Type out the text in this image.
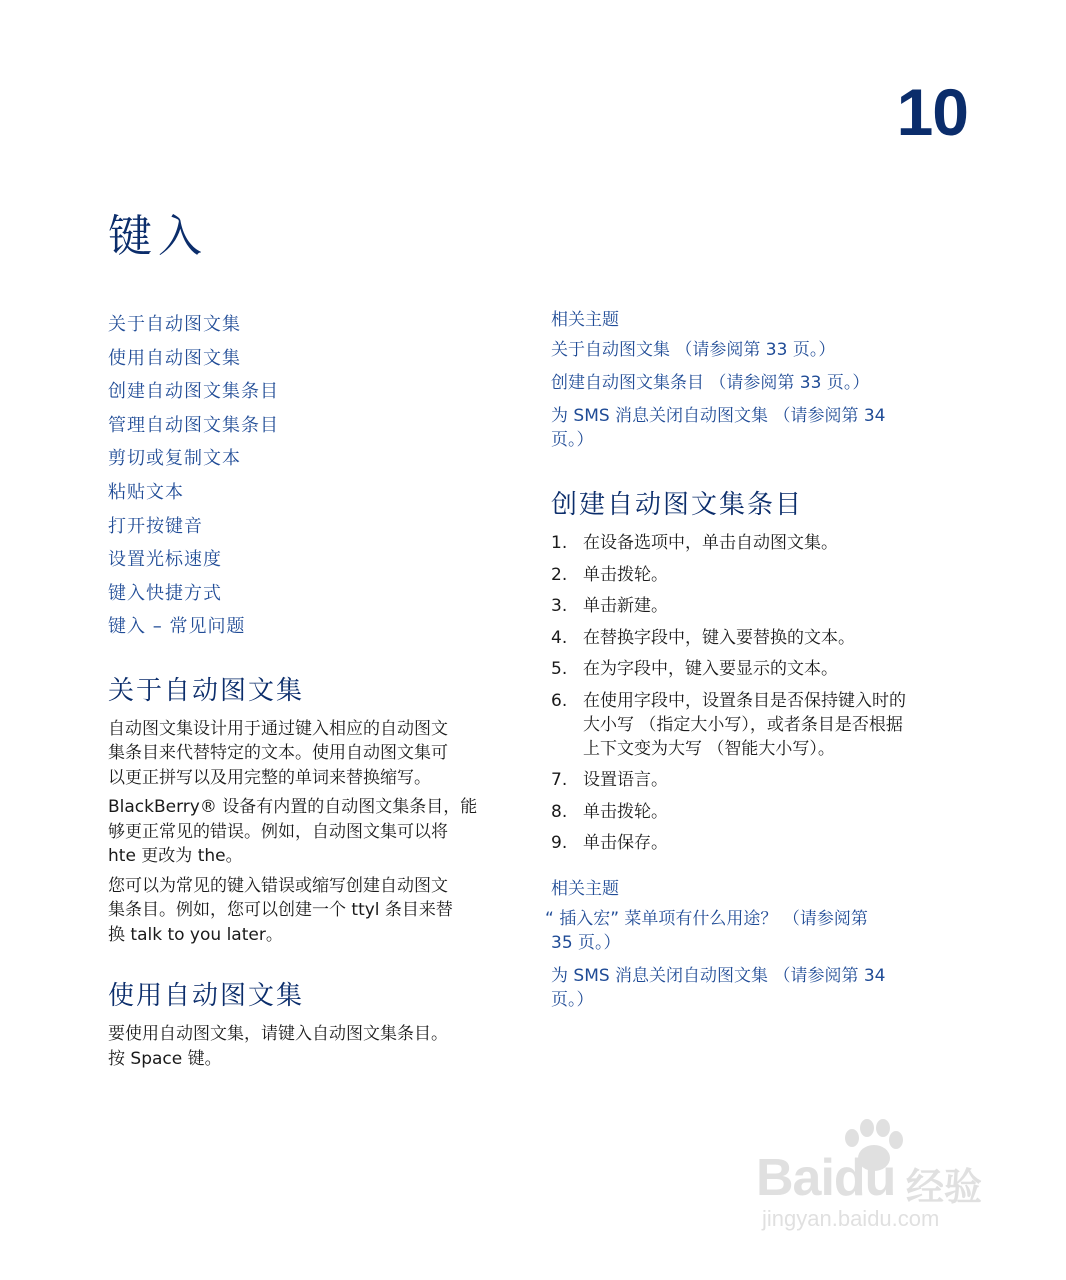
10
键入
关于自动图文集
使用自动图文集
创建自动图文集条目
管理自动图文集条目
剪切或复制文本
粘贴文本
打开按键音
设置光标速度
键入快捷方式
键入 – 常见问题
关于自动图文集

自动图文集设计用于通过键入相应的自动图文

集条目来代替特定的文本。使用自动图文集可

以更正拼写以及用完整的单词来替换缩写。

BlackBerry® 设备有内置的自动图文集条目，能

够更正常见的错误。例如，自动图文集可以将

hte 更改为 the。

您可以为常见的键入错误或缩写创建自动图文

集条目。例如，您可以创建一个 ttyl 条目来替

换 talk to you later。

使用自动图文集

要使用自动图文集，请键入自动图文集条目。

按 Space 键。

相关主题
关于自动图文集 （请参阅第 33 页。）
创建自动图文集条目 （请参阅第 33 页。）
为 SMS 消息关闭自动图文集 （请参阅第 34
页。）
创建自动图文集条目
1. 在设备选项中，单击自动图文集。
2. 单击拨轮。
3. 单击新建。
4. 在替换字段中，键入要替换的文本。
5. 在为字段中，键入要显示的文本。
6. 在使用字段中，设置条目是否保持键入时的
大小写 （指定大小写），或者条目是否根据
上下文变为大写 （智能大小写）。
7. 设置语言。
8. 单击拨轮。
9. 单击保存。
相关主题
“ 插入宏” 菜单项有什么用途？ （请参阅第
35 页。）
为 SMS 消息关闭自动图文集 （请参阅第 34
页。）
Baidu 经验
jingyan.baidu.com
